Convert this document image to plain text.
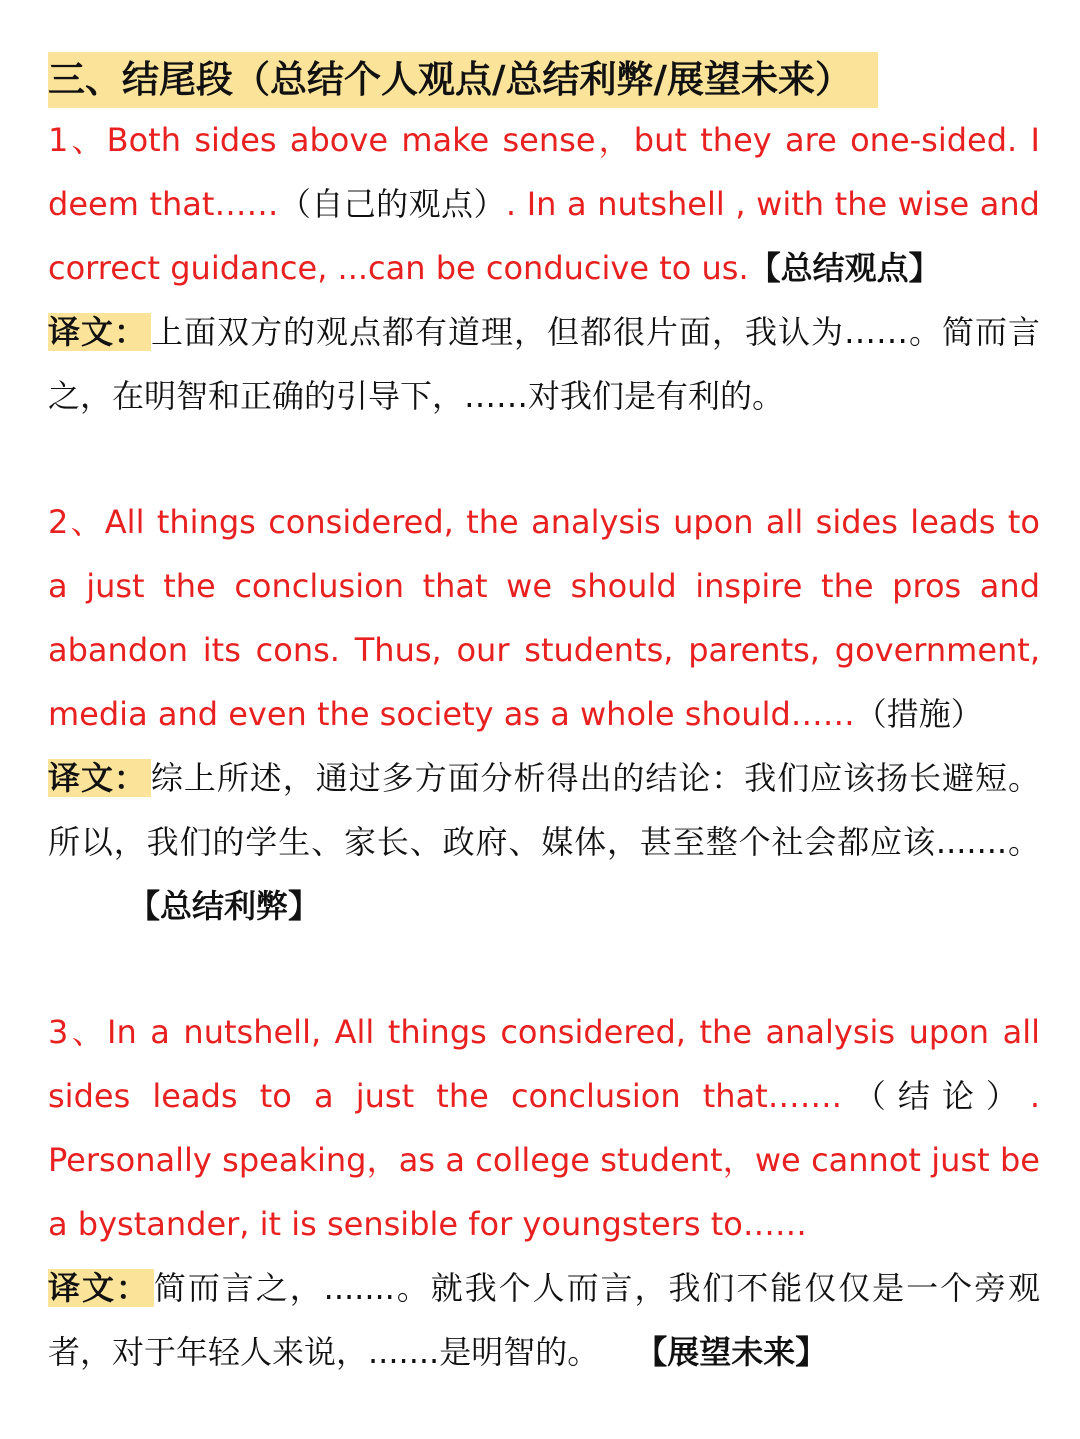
三、结尾段（总结个人观点/总结利弊/展望未来）

1、Both sides above make sense，but they are one-sided. I deem that……（自己的观点）. In a nutshell , with the wise and correct guidance, ...can be conducive to us.【总结观点】

译文： 上面双方的观点都有道理，但都很片面，我认为……。简而言之，在明智和正确的引导下，……对我们是有利的。

2、All things considered, the analysis upon all sides leads to a just the conclusion that we should inspire the pros and abandon its cons. Thus, our students, parents, government, media and even the society as a whole should……（措施）

译文： 综上所述，通过多方面分析得出的结论：我们应该扬长避短。所以，我们的学生、家长、政府、媒体，甚至整个社会都应该.......。【总结利弊】

3、In a nutshell, All things considered, the analysis upon all sides leads to a just the conclusion that…….（结论）. Personally speaking，as a college student，we cannot just be a bystander, it is sensible for youngsters to……

译文： 简而言之，.......。就我个人而言，我们不能仅仅是一个旁观者，对于年轻人来说，.......是明智的。 【展望未来】
